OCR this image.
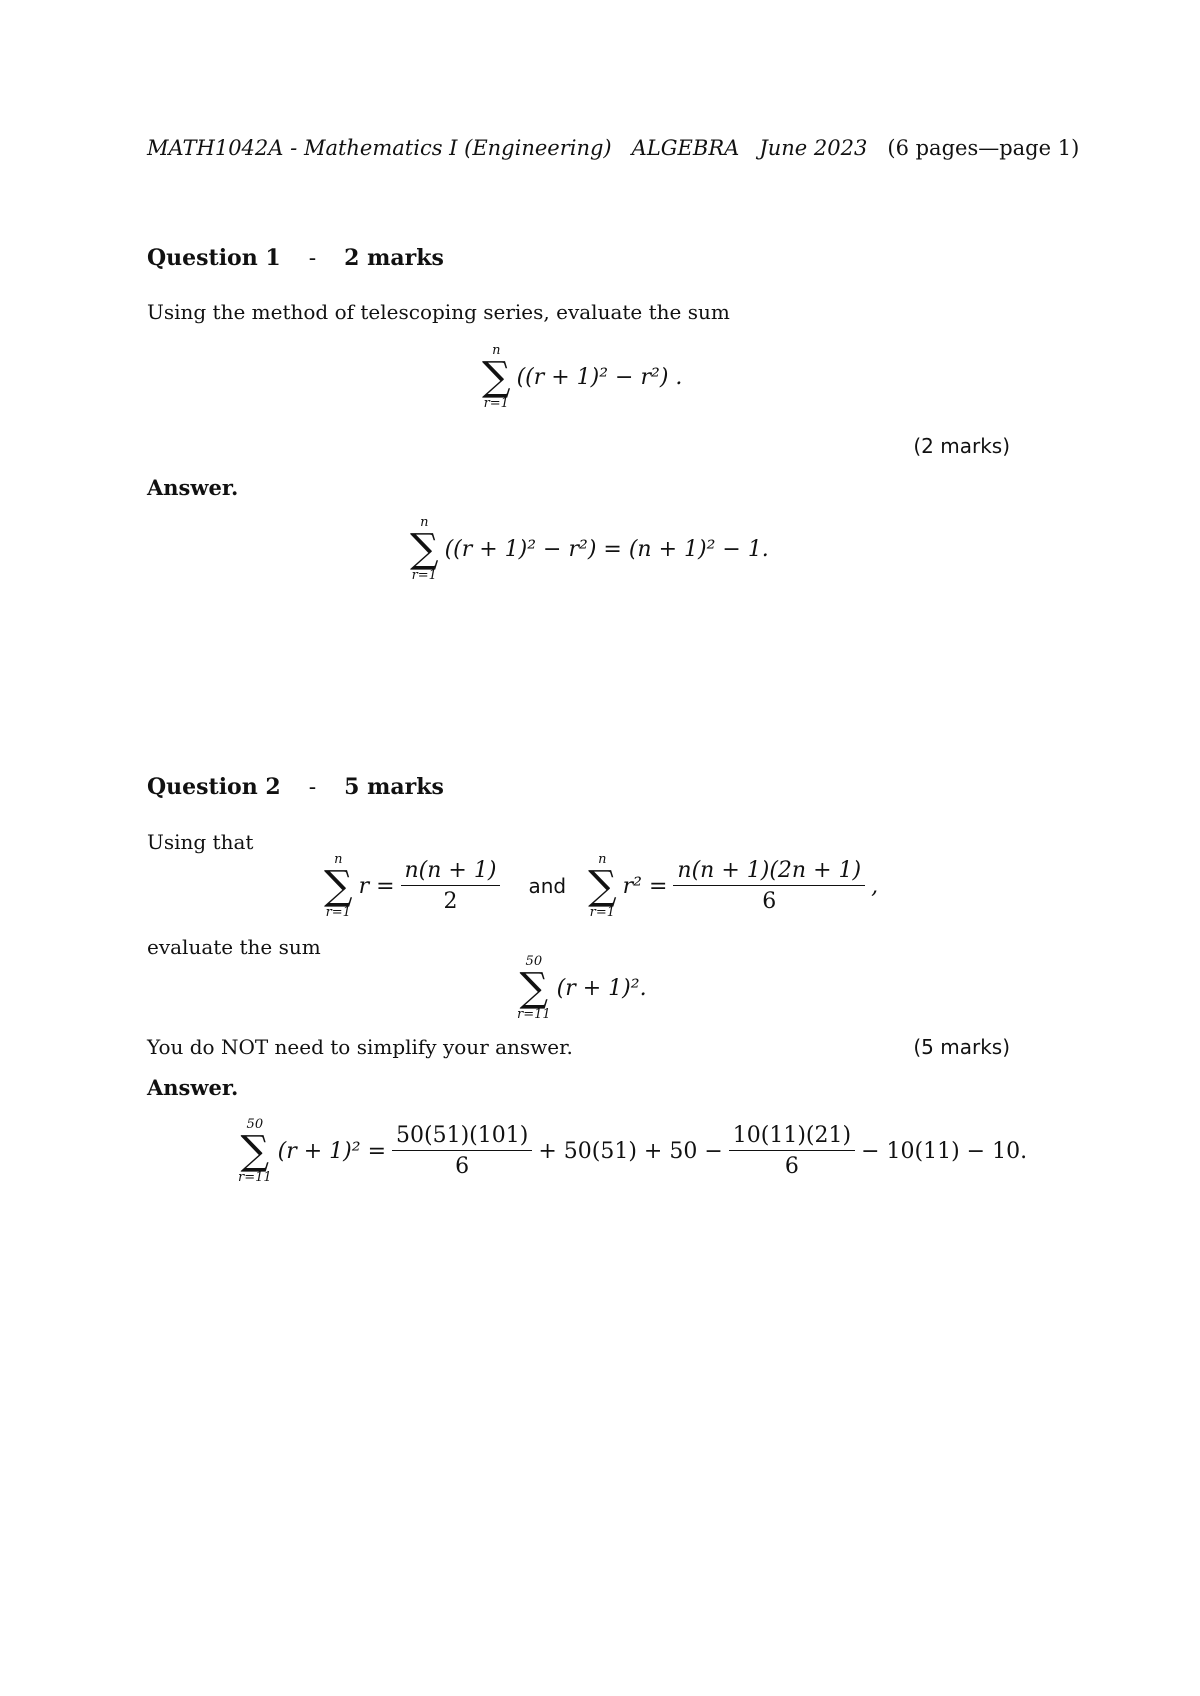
MATH1042A - Mathematics I (Engineering) ALGEBRA June 2023 (6 pages—page 1)
Question 1 - 2 marks
Using the method of telescoping series, evaluate the sum
n
∑
r=1
((r + 1)² − r²) .
(2 marks)
Answer.
n
∑
r=1
((r + 1)² − r²) = (n + 1)² − 1.
Question 2 - 5 marks
Using that
n
∑
r=1
$r = \frac{n(n + 1)}{2}$ and
n
∑
r=1
$r^2 = \frac{n(n + 1)(2n + 1)}{6}$ ,
evaluate the sum
50
∑
r=11
(r + 1)².
You do NOT need to simplify your answer.	(5 marks)
Answer.
50
∑
r=11
$(r + 1)^2 = \frac{50(51)(101)}{6} + 50(51) + 50 - \frac{10(11)(21)}{6} - 10(11) - 10$.
